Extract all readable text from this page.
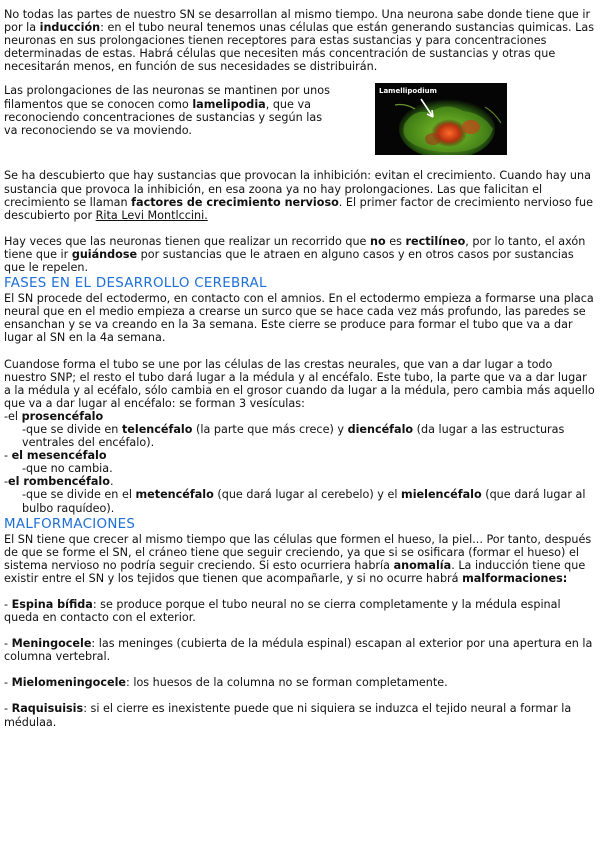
No todas las partes de nuestro SN se desarrollan al mismo tiempo. Una neurona sabe donde tiene que ir por la inducción: en el tubo neural tenemos unas células que están generando sustancias quimicas. Las neuronas en sus prolongaciones tienen receptores para estas sustancias y para concentraciones determinadas de estas. Habrá células que necesiten más concentración de sustancias y otras que necesitarán menos, en función de sus necesidades se distribuirán.

Las prolongaciones de las neuronas se mantinen por unos filamentos que se conocen como lamelipodia, que va reconociendo concentraciones de sustancias y según las va reconociendo se va moviendo.

Lamellipodium

Se ha descubierto que hay sustancias que provocan la inhibición: evitan el crecimiento. Cuando hay una sustancia que provoca la inhibición, en esa zoona ya no hay prolongaciones. Las que falicitan el crecimiento se llaman factores de crecimiento nervioso. El primer factor de crecimiento nervioso fue descubierto por Rita Levi Montlccini.

Hay veces que las neuronas tienen que realizar un recorrido que no es rectilíneo, por lo tanto, el axón tiene que ir guiándose por sustancias que le atraen en alguno casos y en otros casos por sustancias que le repelen.

FASES EN EL DESARROLLO CEREBRAL

El SN procede del ectodermo, en contacto con el amnios. En el ectodermo empieza a formarse una placa neural que en el medio empieza a crearse un surco que se hace cada vez más profundo, las paredes se ensanchan y se va creando en la 3a semana. Este cierre se produce para formar el tubo que va a dar lugar al SN en la 4a semana.

Cuandose forma el tubo se une por las células de las crestas neurales, que van a dar lugar a todo nuestro SNP; el resto el tubo dará lugar a la médula y al encéfalo. Este tubo, la parte que va a dar lugar a la médula y al ecéfalo, sólo cambia en el grosor cuando da lugar a la médula, pero cambia más aquello que va a dar lugar al encéfalo: se forman 3 vesículas:

-el prosencéfalo

-que se divide en telencéfalo (la parte que más crece) y diencéfalo (da lugar a las estructuras ventrales del encéfalo).

- el mesencéfalo

-que no cambia.

-el rombencéfalo.

-que se divide en el metencéfalo (que dará lugar al cerebelo) y el mielencéfalo (que dará lugar al bulbo raquídeo).

MALFORMACIONES

El SN tiene que crecer al mismo tiempo que las células que formen el hueso, la piel... Por tanto, después de que se forme el SN, el cráneo tiene que seguir creciendo, ya que si se osificara (formar el hueso) el sistema nervioso no podría seguir creciendo. Si esto ocurriera habría anomalía. La inducción tiene que existir entre el SN y los tejidos que tienen que acompañarle, y si no ocurre habrá malformaciones:

- Espina bífida: se produce porque el tubo neural no se cierra completamente y la médula espinal queda en contacto con el exterior.

- Meningocele: las meninges (cubierta de la médula espinal) escapan al exterior por una apertura en la columna vertebral.

- Mielomeningocele: los huesos de la columna no se forman completamente.

- Raquisuisis: si el cierre es inexistente puede que ni siquiera se induzca el tejido neural a formar la médulaa.
